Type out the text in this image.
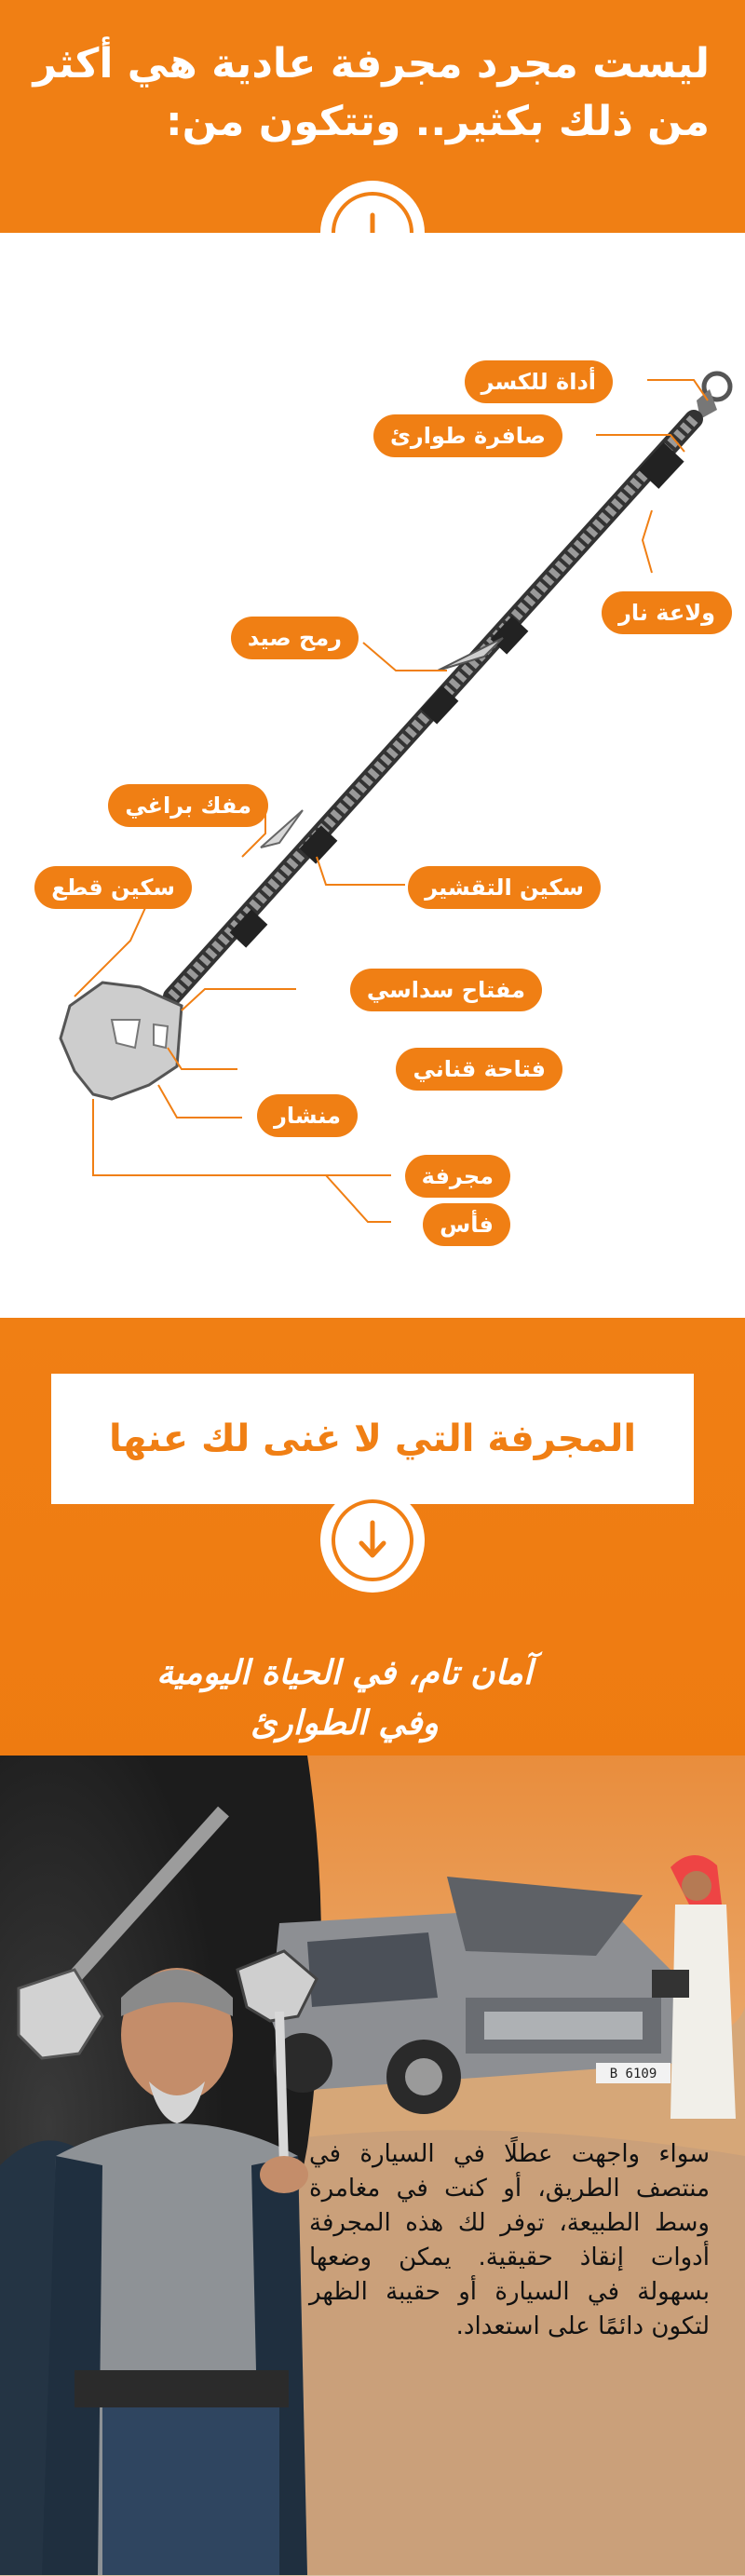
ليست مجرد مجرفة عادية هي أكثر
من ذلك بكثير.. وتتكون من:
أداة للكسر
صافرة طوارئ
ولاعة نار
رمح صيد
مفك براغي
سكين التقشير
سكين قطع
مفتاح سداسي
فتاحة قناني
منشار
مجرفة
فأس
المجرفة التي لا غنى لك عنها
آمان تام، في الحياة اليومية
وفي الطوارئ
B 6109
سواء واجهت عطلًا في السيارة في منتصف الطريق، أو كنت في مغامرة وسط الطبيعة، توفر لك هذه المجرفة أدوات إنقاذ حقيقية. يمكن وضعها بسهولة في السيارة أو حقيبة الظهر لتكون دائمًا على استعداد.
